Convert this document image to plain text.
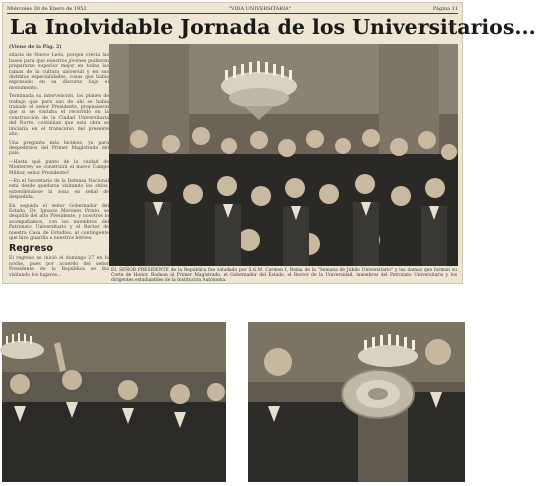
Miércoles 30 de Enero de 1952	"VIDA UNIVERSITARIA"	Página 11
La Inolvidable Jornada de los Universitarios...

(Viene de la Pág. 2)

sitaria de Nuevo León, porque crecía las bases para que nuestros jóvenes pudieran prepararse superior mejor en todas las ramas de la cultura universal y en sus distintas especialidades, cosas que había expresado en su discurso bajo el monumento.

Terminada su intervención, los planes de trabajo que para uso de ahí se había trazado el señor Presidente, propusieron que si se visitaba el recorrido en la construcción de la Ciudad Universitaria del Norte, continúan que esta obra se iniciaría en el transcurso del presente año.

Una pregunta más hicimos, ya para despedirnos del Primer Magistrado del país:

—Hasta qué punto de la ciudad de Monterrey se construirá el nuevo Campo Militar, señor Presidente?

—En el Secretario de la Defensa Nacional está desde quedarse visitando los sitios, extendiéndose la zona en señal de despedida.

En seguida el señor Gobernador del Estado, Dr. Ignacio Morones Prieto, se despidió del alto Presidente, y nosotros lo acompañamos, con los miembros del Patronato Universitario y el Rector de nuestra Casa de Estudios, al contingente que hizo guardia a nuestros héroes.

Regreso

El regreso se inició el domingo 27 en la noche, pues por acuerdo del señor Presidente de la República se iba visitando los lugares...

EL SEÑOR PRESIDENTE de la República fue saludado por S.G.M. Carmen I, Reina de la "Semana de Júbilo Universitario" y las damas que forman su Corte de Honor. Rodean al Primer Magistrado, el Gobernador del Estado, el Rector de la Universidad, miembros del Patronato Universitario y los dirigentes estudiantiles de la Institución Autónoma.
